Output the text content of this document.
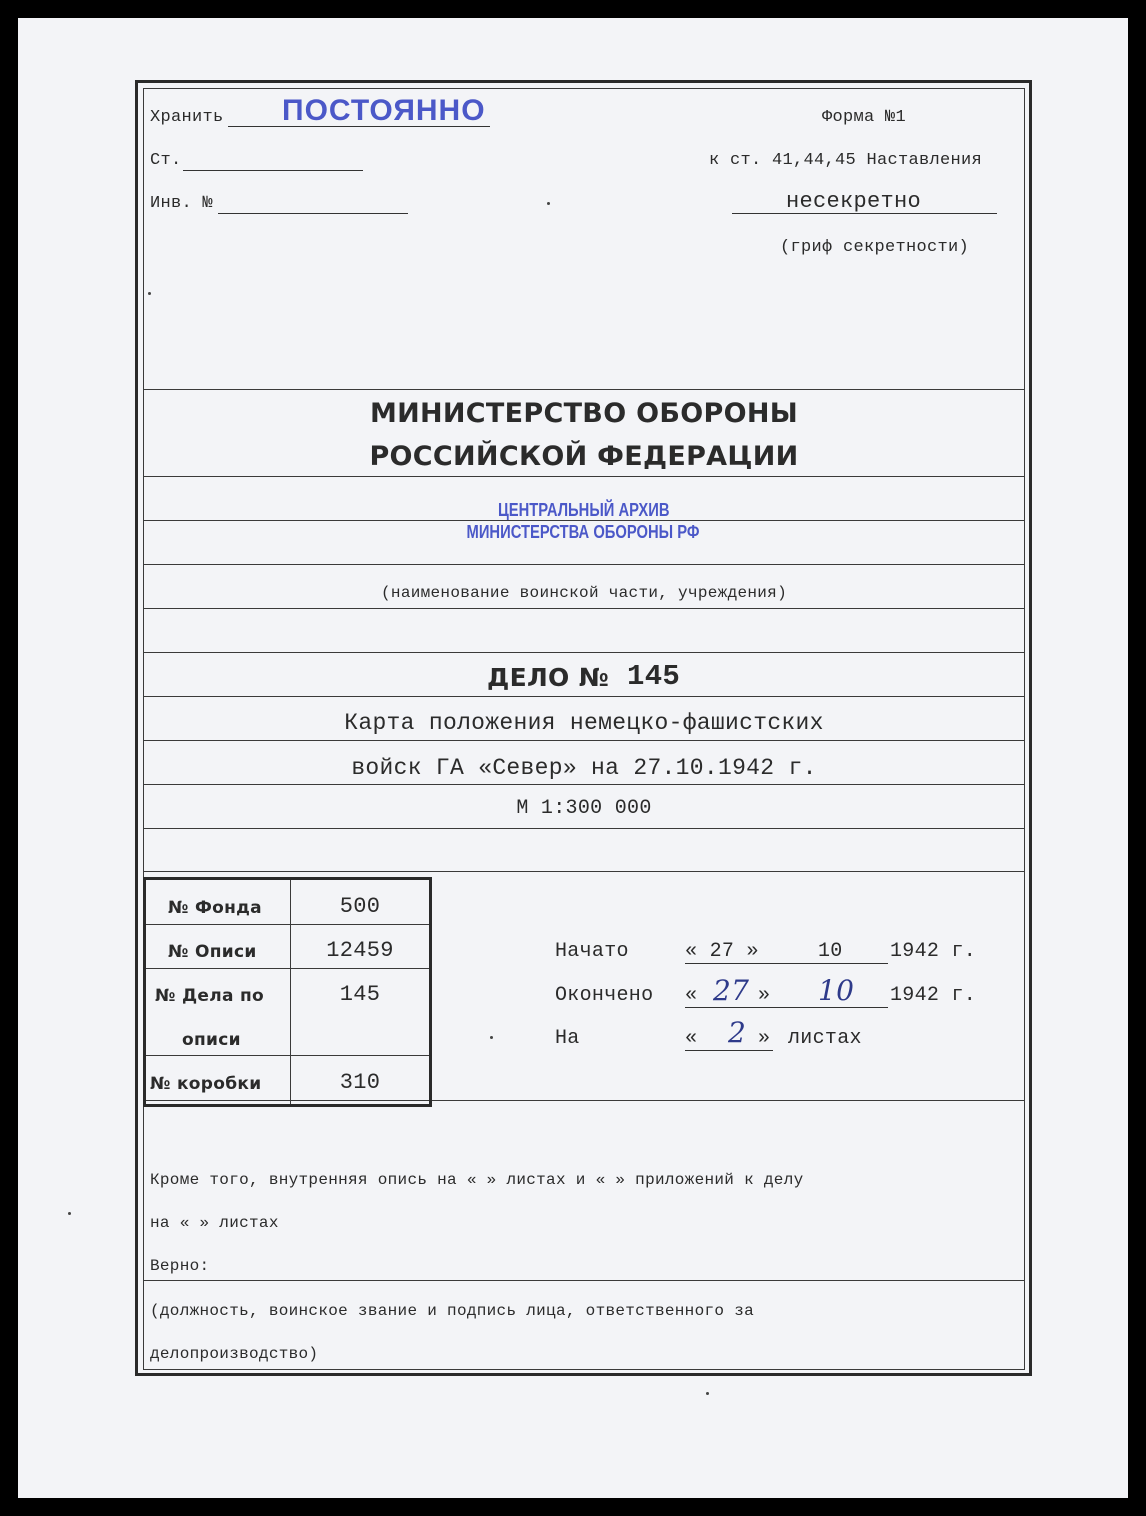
Хранить ПОСТОЯННО	Форма №1
Ст.	к ст. 41,44,45 Наставления
Инв. №	несекретно
(гриф секретности)
МИНИСТЕРСТВО ОБОРОНЫ
РОССИЙСКОЙ ФЕДЕРАЦИИ
ЦЕНТРАЛЬНЫЙ АРХИВ
МИНИСТЕРСТВА ОБОРОНЫ РФ
(наименование воинской части, учреждения)
ДЕЛО № 145
Карта положения немецко-фашистских
войск ГА «Север» на 27.10.1942 г.
М 1:300 000
№ Фонда	500
№ Описи	12459
№ Дела по	145
описи
№ коробки	310
Начато	« 27 »	10 1942 г.
Окончено « 27 » 10 1942 г.
На	« 2 » листах
Кроме того, внутренняя опись на « » листах и « » приложений к делу
на « » листах
Верно:
(должность, воинское звание и подпись лица, ответственного за
делопроизводство)
